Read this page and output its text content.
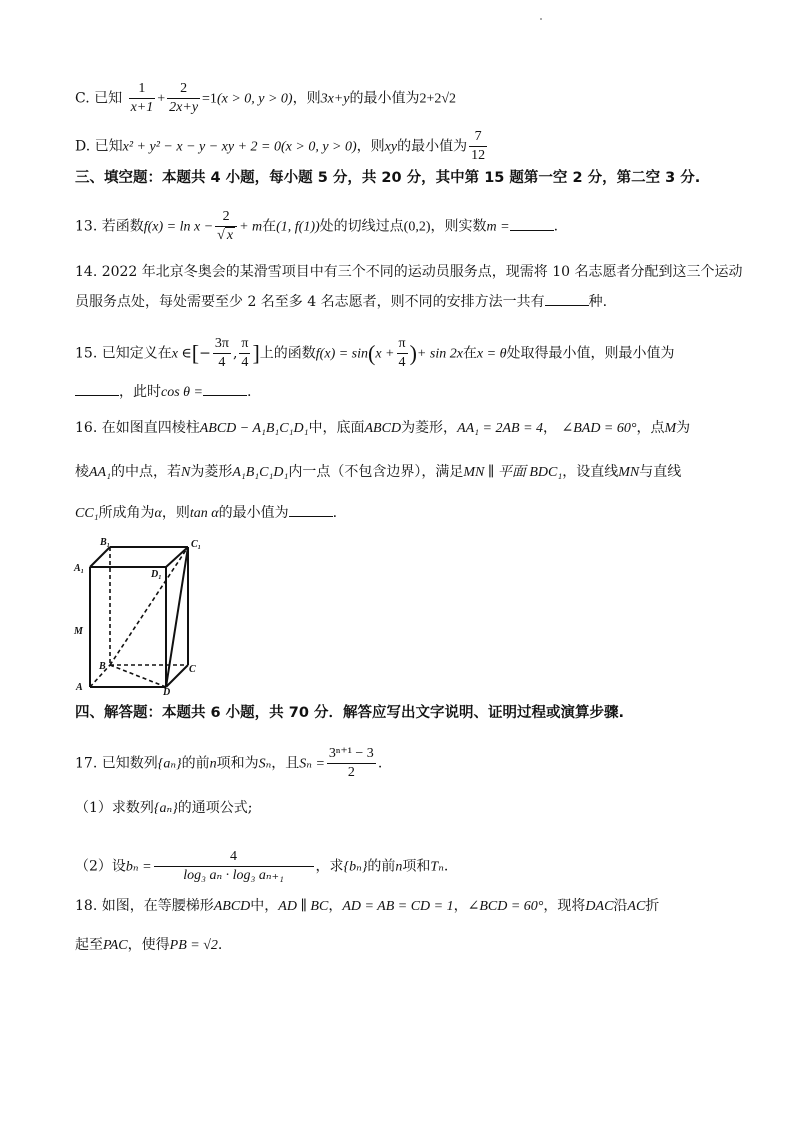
C. 已知 $\frac{1}{x+1} + \frac{2}{2x+y} =1(x > 0$, y > 0)，则3x+y的最小值为2+2√2
D. 已知x² + y² − x − y − xy + 2 = 0(x > 0, y > 0)，则xy的最小值为 $\frac{7}{12}$
三、填空题：本题共 4 小题，每小题 5 分，共 20 分，其中第 15 题第一空 2 分，第二空 3 分.
13. 若函数$f(x) = \ln x - \frac{2}{√ x} + m$在(1, f(1))处的切线过点(0,2)，则实数m =	.
14. 2022 年北京冬奥会的某滑雪项目中有三个不同的运动员服务点，现需将 10 名志愿者分配到这三个运动
员服务点处，每处需要至少 2 名至多 4 名志愿者，则不同的安排方法一共有	种.
15. 已知定义在x ∈[− $\frac{3\pi}{4}$ , $\frac{\pi}{4}$ ]上的函数$f(x) = \sin(x + \frac{\pi}{4}$ )+ sin 2x在x = θ处取得最小值，则最小值为
，此时cos θ =	.
16. 在如图直四棱柱ABCD − A₁B₁C₁D₁中，底面ABCD为菱形，AA₁ = 2AB = 4， ∠BAD = 60°，点M为
棱AA₁的中点，若N为菱形A₁B₁C₁D₁内一点（不包含边界），满足MN ∥ 平面 BDC₁，设直线MN与直线
CC₁所成角为α，则tan α的最小值为	.
B₁	C₁
A₁
D₁
M
B	C
A	D
四、解答题：本题共 6 小题，共 70 分．解答应写出文字说明、证明过程或演算步骤.
17. 已知数列{aₙ}的前n项和为Sₙ，且$S_n = \frac{\text{3ⁿ⁺¹ − 3}}{2}$ .
（1）求数列{aₙ}的通项公式;
（2）设$b_n = \frac{4}{\text{log₃ aₙ · log₃ aₙ₊₁}}$ ，求{bₙ}的前n项和Tₙ.
18. 如图，在等腰梯形ABCD中，AD ∥ BC，AD = AB = CD = 1，∠BCD = 60°，现将DAC沿AC折
起至PAC，使得PB = √2.
